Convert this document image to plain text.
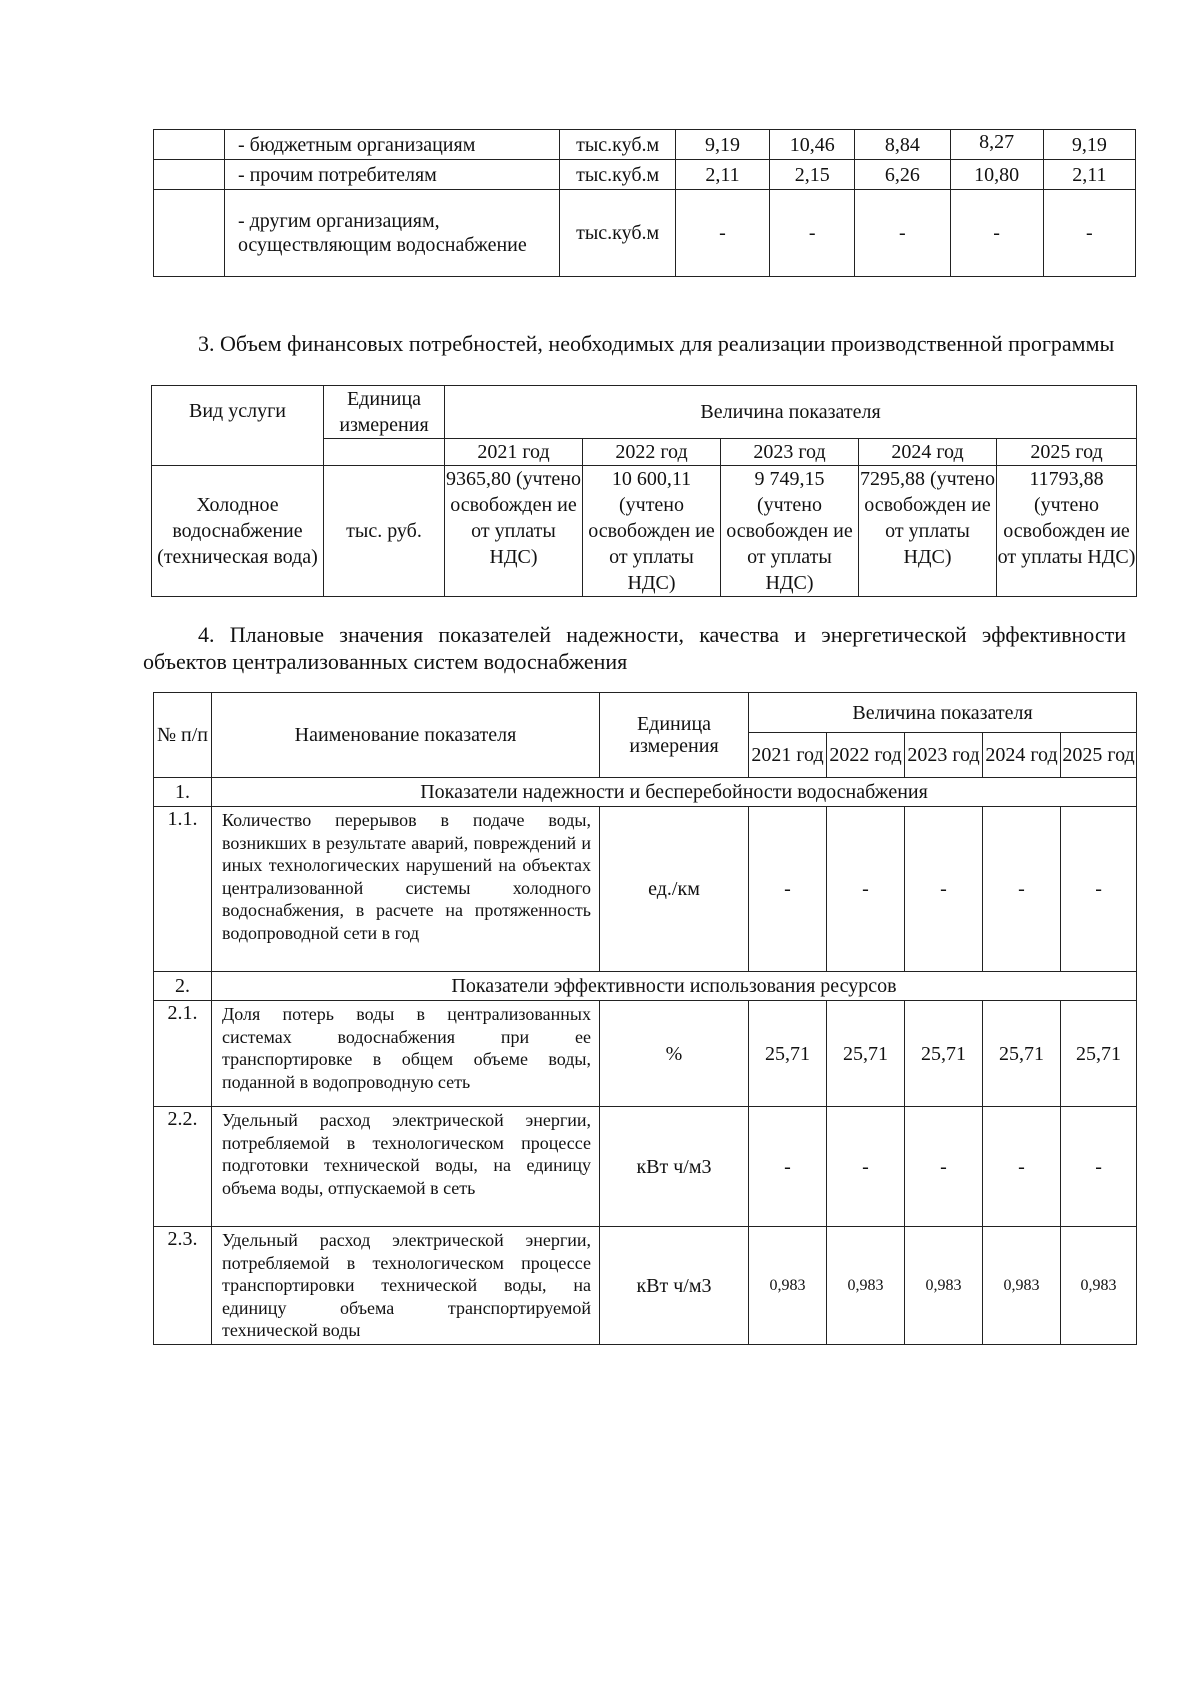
	- бюджетным организациям	тыс.куб.м	9,19	10,46	8,84	8,27	9,19
	- прочим потребителям	тыс.куб.м	2,11	2,15	6,26	10,80	2,11
	- другим организациям, осуществляющим водоснабжение	тыс.куб.м	-	-	-	-	-
3. Объем финансовых потребностей, необходимых для реализации производственной программы
Вид услуги	Единица измерения	Величина показателя				
		2021 год	2022 год	2023 год	2024 год	2025 год
Холодное водоснабжение (техническая вода)	тыс. руб.	9365,80 (учтено освобожден ие от уплаты НДС)	10 600,11 (учтено освобожден ие от уплаты НДС)	9 749,15 (учтено освобожден ие от уплаты НДС)	7295,88 (учтено освобожден ие от уплаты НДС)	11793,88 (учтено освобожден ие от уплаты НДС)
4. Плановые значения показателей надежности, качества и энергетической эффективности объектов централизованных систем водоснабжения
№ п/п	Наименование показателя	Единица измерения	Величина показателя				
			2021 год	2022 год	2023 год	2024 год	2025 год
1.	Показатели надежности и бесперебойности водоснабжения						
1.1.	Количество перерывов в подаче воды, возникших в результате аварий, повреждений и иных технологических нарушений на объектах централизованной системы холодного водоснабжения, в расчете на протяженность водопроводной сети в год	ед./км	-	-	-	-	-
2.	Показатели эффективности использования ресурсов						
2.1.	Доля потерь воды в централизованных системах водоснабжения при ее транспортировке в общем объеме воды, поданной в водопроводную сеть	%	25,71	25,71	25,71	25,71	25,71
2.2.	Удельный расход электрической энергии, потребляемой в технологическом процессе подготовки технической воды, на единицу объема воды, отпускаемой в сеть	кВт ч/м3	-	-	-	-	-
2.3.	Удельный расход электрической энергии, потребляемой в технологическом процессе транспортировки технической воды, на единицу объема транспортируемой технической воды	кВт ч/м3	0,983	0,983	0,983	0,983	0,983
